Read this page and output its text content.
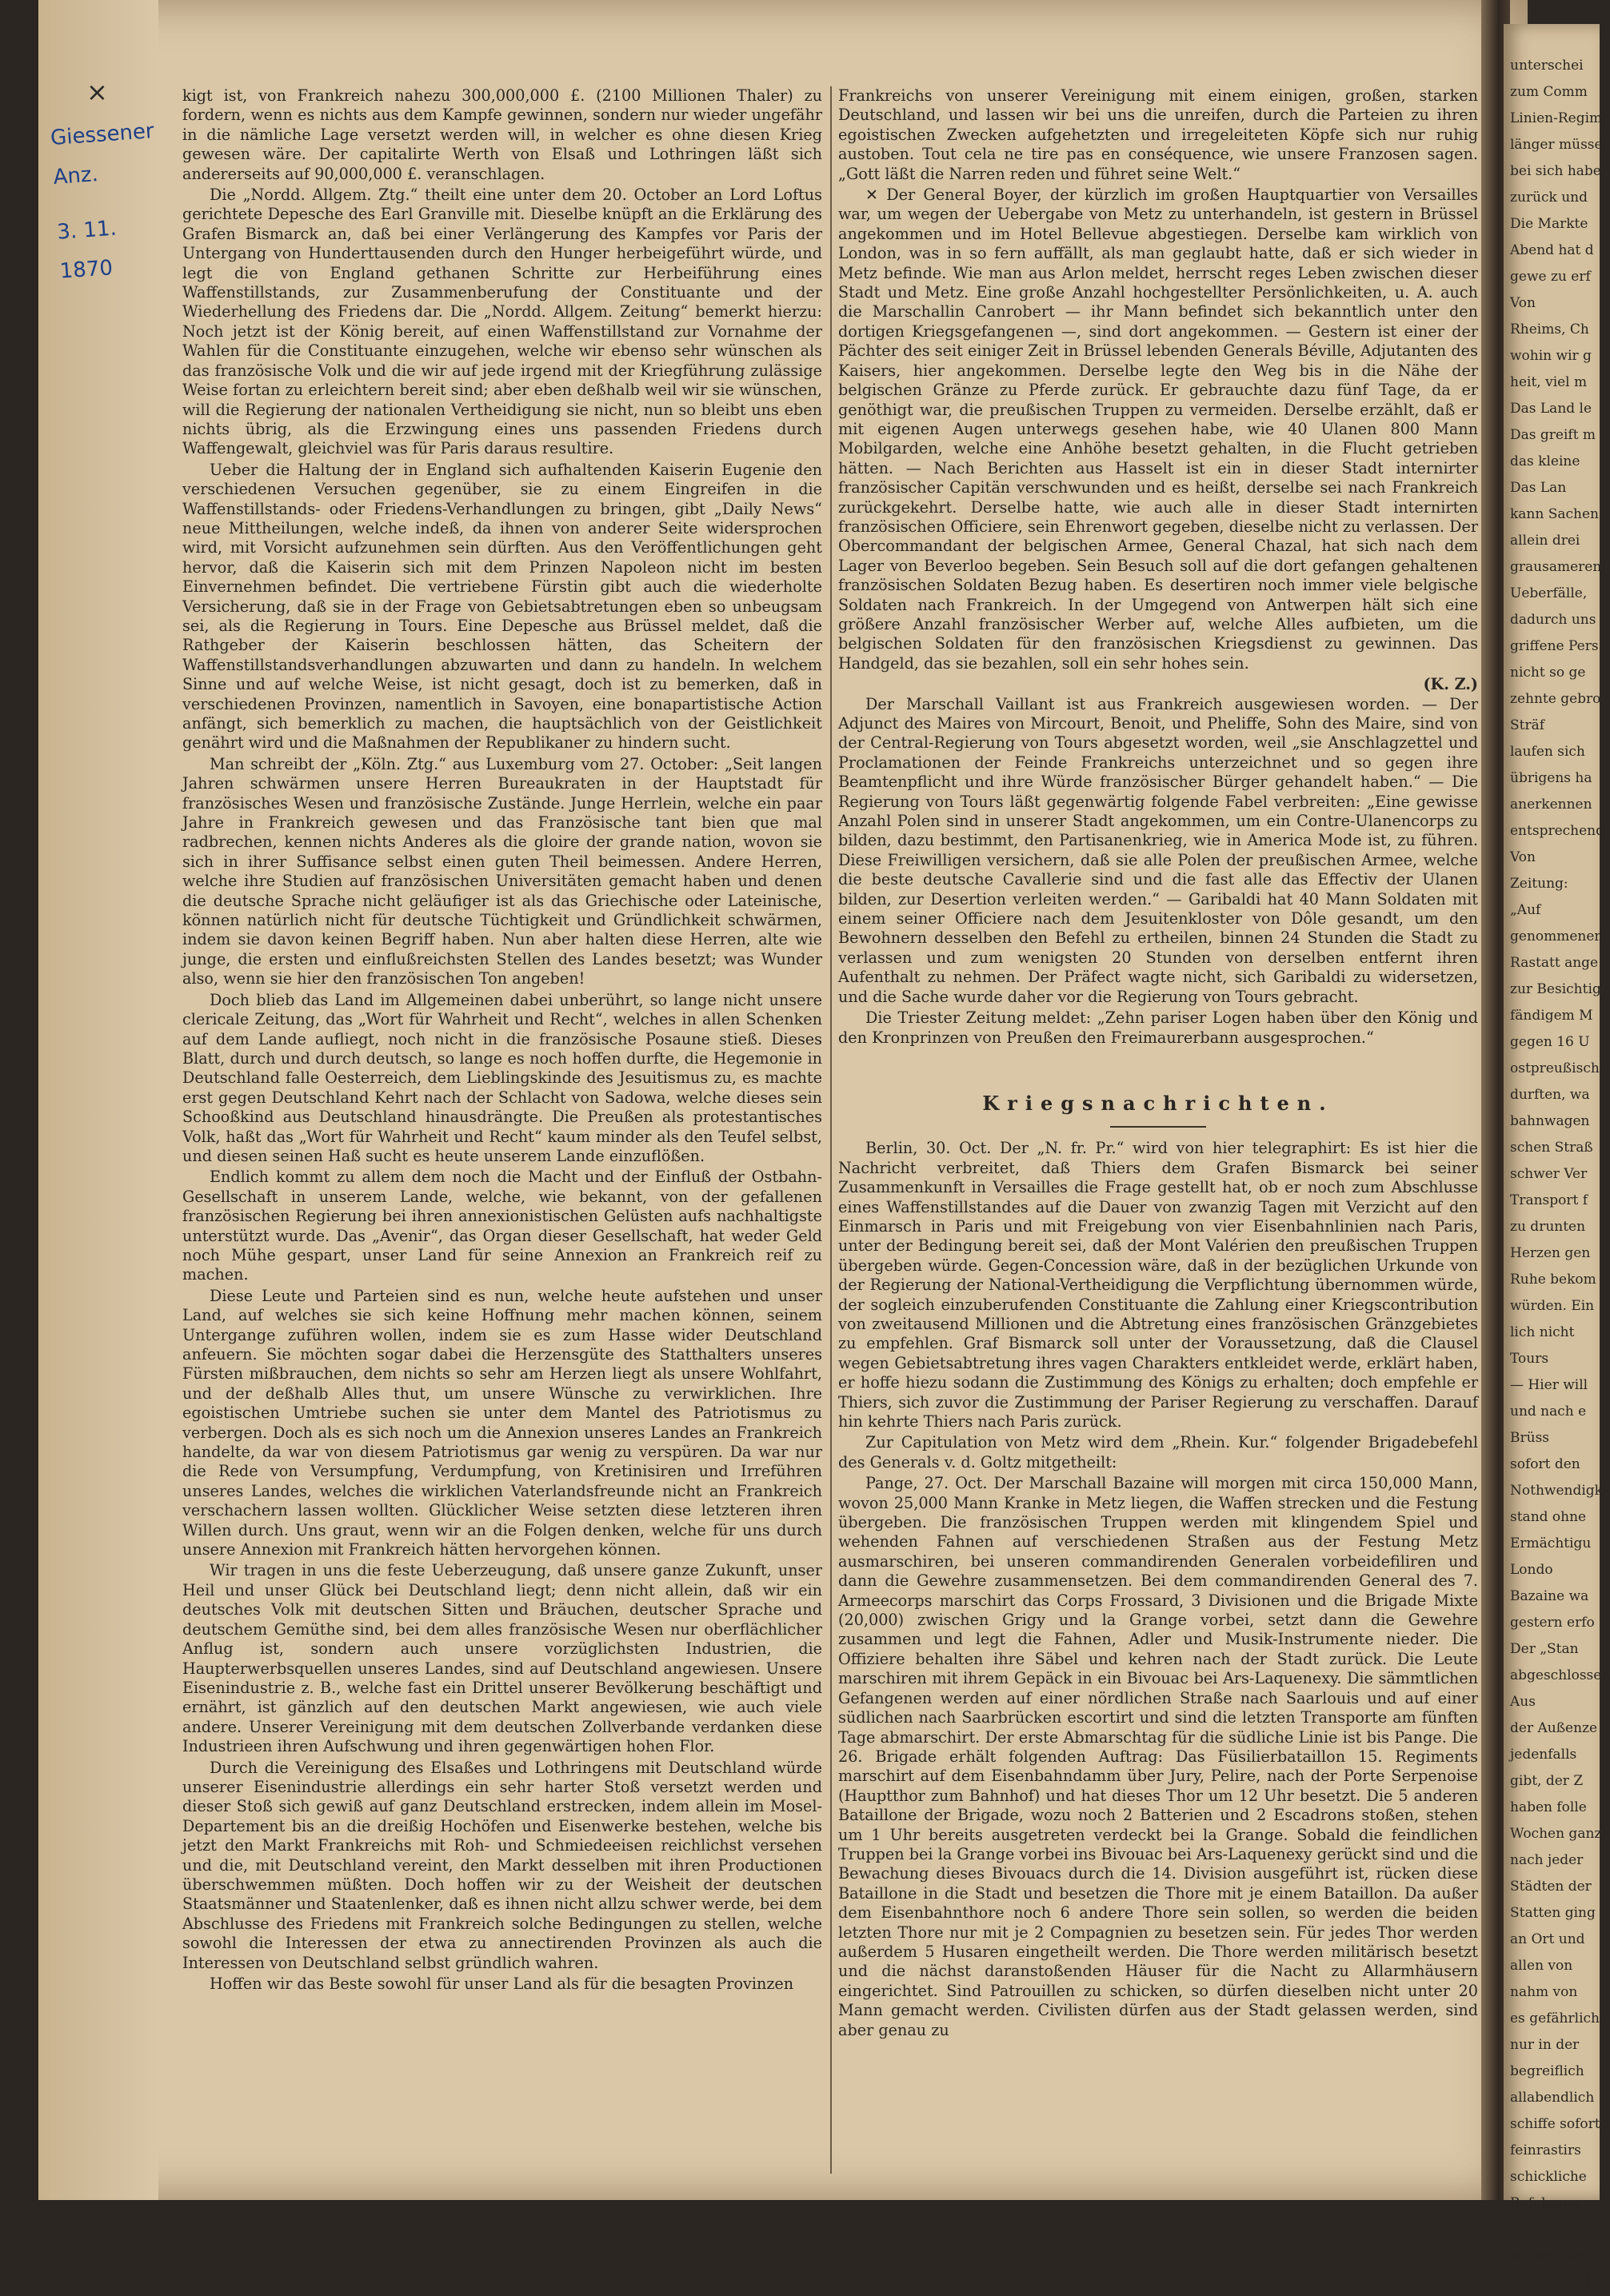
×
Giessener
Anz.
3. 11.
1870

kigt ist, von Frankreich nahezu 300,000,000 £. (2100 Millionen Thaler) zu fordern, wenn es nichts aus dem Kampfe gewinnen, sondern nur wieder ungefähr in die nämliche Lage versetzt werden will, in welcher es ohne diesen Krieg gewesen wäre. Der capitalirte Werth von Elsaß und Lothringen läßt sich andererseits auf 90,000,000 £. veranschlagen.

Die „Nordd. Allgem. Ztg.“ theilt eine unter dem 20. October an Lord Loftus gerichtete Depesche des Earl Granville mit. Dieselbe knüpft an die Erklärung des Grafen Bismarck an, daß bei einer Verlängerung des Kampfes vor Paris der Untergang von Hunderttausenden durch den Hunger herbeigeführt würde, und legt die von England gethanen Schritte zur Herbeiführung eines Waffenstillstands, zur Zusammenberufung der Constituante und der Wiederhellung des Friedens dar. Die „Nordd. Allgem. Zeitung“ bemerkt hierzu: Noch jetzt ist der König bereit, auf einen Waffenstillstand zur Vornahme der Wahlen für die Constituante einzugehen, welche wir ebenso sehr wünschen als das französische Volk und die wir auf jede irgend mit der Kriegführung zulässige Weise fortan zu erleichtern bereit sind; aber eben deßhalb weil wir sie wünschen, will die Regierung der nationalen Vertheidigung sie nicht, nun so bleibt uns eben nichts übrig, als die Erzwingung eines uns passenden Friedens durch Waffengewalt, gleichviel was für Paris daraus resultire.

Ueber die Haltung der in England sich aufhaltenden Kaiserin Eugenie den verschiedenen Versuchen gegenüber, sie zu einem Eingreifen in die Waffenstillstands- oder Friedens-Verhandlungen zu bringen, gibt „Daily News“ neue Mittheilungen, welche indeß, da ihnen von anderer Seite widersprochen wird, mit Vorsicht aufzunehmen sein dürften. Aus den Veröffentlichungen geht hervor, daß die Kaiserin sich mit dem Prinzen Napoleon nicht im besten Einvernehmen befindet. Die vertriebene Fürstin gibt auch die wiederholte Versicherung, daß sie in der Frage von Gebietsabtretungen eben so unbeugsam sei, als die Regierung in Tours. Eine Depesche aus Brüssel meldet, daß die Rathgeber der Kaiserin beschlossen hätten, das Scheitern der Waffenstillstandsverhandlungen abzuwarten und dann zu handeln. In welchem Sinne und auf welche Weise, ist nicht gesagt, doch ist zu bemerken, daß in verschiedenen Provinzen, namentlich in Savoyen, eine bonapartistische Action anfängt, sich bemerklich zu machen, die hauptsächlich von der Geistlichkeit genährt wird und die Maßnahmen der Republikaner zu hindern sucht.

Man schreibt der „Köln. Ztg.“ aus Luxemburg vom 27. October: „Seit langen Jahren schwärmen unsere Herren Bureaukraten in der Hauptstadt für französisches Wesen und französische Zustände. Junge Herrlein, welche ein paar Jahre in Frankreich gewesen und das Französische tant bien que mal radbrechen, kennen nichts Anderes als die gloire der grande nation, wovon sie sich in ihrer Suffisance selbst einen guten Theil beimessen. Andere Herren, welche ihre Studien auf französischen Universitäten gemacht haben und denen die deutsche Sprache nicht geläufiger ist als das Griechische oder Lateinische, können natürlich nicht für deutsche Tüchtigkeit und Gründlichkeit schwärmen, indem sie davon keinen Begriff haben. Nun aber halten diese Herren, alte wie junge, die ersten und einflußreichsten Stellen des Landes besetzt; was Wunder also, wenn sie hier den französischen Ton angeben!

Doch blieb das Land im Allgemeinen dabei unberührt, so lange nicht unsere clericale Zeitung, das „Wort für Wahrheit und Recht“, welches in allen Schenken auf dem Lande aufliegt, noch nicht in die französische Posaune stieß. Dieses Blatt, durch und durch deutsch, so lange es noch hoffen durfte, die Hegemonie in Deutschland falle Oesterreich, dem Lieblingskinde des Jesuitismus zu, es machte erst gegen Deutschland Kehrt nach der Schlacht von Sadowa, welche dieses sein Schooßkind aus Deutschland hinausdrängte. Die Preußen als protestantisches Volk, haßt das „Wort für Wahrheit und Recht“ kaum minder als den Teufel selbst, und diesen seinen Haß sucht es heute unserem Lande einzuflößen.

Endlich kommt zu allem dem noch die Macht und der Einfluß der Ostbahn-Gesellschaft in unserem Lande, welche, wie bekannt, von der gefallenen französischen Regierung bei ihren annexionistischen Gelüsten aufs nachhaltigste unterstützt wurde. Das „Avenir“, das Organ dieser Gesellschaft, hat weder Geld noch Mühe gespart, unser Land für seine Annexion an Frankreich reif zu machen.

Diese Leute und Parteien sind es nun, welche heute aufstehen und unser Land, auf welches sie sich keine Hoffnung mehr machen können, seinem Untergange zuführen wollen, indem sie es zum Hasse wider Deutschland anfeuern. Sie möchten sogar dabei die Herzensgüte des Statthalters unseres Fürsten mißbrauchen, dem nichts so sehr am Herzen liegt als unsere Wohlfahrt, und der deßhalb Alles thut, um unsere Wünsche zu verwirklichen. Ihre egoistischen Umtriebe suchen sie unter dem Mantel des Patriotismus zu verbergen. Doch als es sich noch um die Annexion unseres Landes an Frankreich handelte, da war von diesem Patriotismus gar wenig zu verspüren. Da war nur die Rede von Versumpfung, Verdumpfung, von Kretinisiren und Irreführen unseres Landes, welches die wirklichen Vaterlandsfreunde nicht an Frankreich verschachern lassen wollten. Glücklicher Weise setzten diese letzteren ihren Willen durch. Uns graut, wenn wir an die Folgen denken, welche für uns durch unsere Annexion mit Frankreich hätten hervorgehen können.

Wir tragen in uns die feste Ueberzeugung, daß unsere ganze Zukunft, unser Heil und unser Glück bei Deutschland liegt; denn nicht allein, daß wir ein deutsches Volk mit deutschen Sitten und Bräuchen, deutscher Sprache und deutschem Gemüthe sind, bei dem alles französische Wesen nur oberflächlicher Anflug ist, sondern auch unsere vorzüglichsten Industrien, die Haupterwerbsquellen unseres Landes, sind auf Deutschland angewiesen. Unsere Eisenindustrie z. B., welche fast ein Drittel unserer Bevölkerung beschäftigt und ernährt, ist gänzlich auf den deutschen Markt angewiesen, wie auch viele andere. Unserer Vereinigung mit dem deutschen Zollverbande verdanken diese Industrieen ihren Aufschwung und ihren gegenwärtigen hohen Flor.

Durch die Vereinigung des Elsaßes und Lothringens mit Deutschland würde unserer Eisenindustrie allerdings ein sehr harter Stoß versetzt werden und dieser Stoß sich gewiß auf ganz Deutschland erstrecken, indem allein im Mosel-Departement bis an die dreißig Hochöfen und Eisenwerke bestehen, welche bis jetzt den Markt Frankreichs mit Roh- und Schmiedeeisen reichlichst versehen und die, mit Deutschland vereint, den Markt desselben mit ihren Productionen überschwemmen müßten. Doch hoffen wir zu der Weisheit der deutschen Staatsmänner und Staatenlenker, daß es ihnen nicht allzu schwer werde, bei dem Abschlusse des Friedens mit Frankreich solche Bedingungen zu stellen, welche sowohl die Interessen der etwa zu annectirenden Provinzen als auch die Interessen von Deutschland selbst gründlich wahren.

Hoffen wir das Beste sowohl für unser Land als für die besagten Provinzen

Frankreichs von unserer Vereinigung mit einem einigen, großen, starken Deutschland, und lassen wir bei uns die unreifen, durch die Parteien zu ihren egoistischen Zwecken aufgehetzten und irregeleiteten Köpfe sich nur ruhig austoben. Tout cela ne tire pas en conséquence, wie unsere Franzosen sagen. „Gott läßt die Narren reden und führet seine Welt.“

✕ Der General Boyer, der kürzlich im großen Hauptquartier von Versailles war, um wegen der Uebergabe von Metz zu unterhandeln, ist gestern in Brüssel angekommen und im Hotel Bellevue abgestiegen. Derselbe kam wirklich von London, was in so fern auffällt, als man geglaubt hatte, daß er sich wieder in Metz befinde. Wie man aus Arlon meldet, herrscht reges Leben zwischen dieser Stadt und Metz. Eine große Anzahl hochgestellter Persönlichkeiten, u. A. auch die Marschallin Canrobert — ihr Mann befindet sich bekanntlich unter den dortigen Kriegsgefangenen —, sind dort angekommen. — Gestern ist einer der Pächter des seit einiger Zeit in Brüssel lebenden Generals Béville, Adjutanten des Kaisers, hier angekommen. Derselbe legte den Weg bis in die Nähe der belgischen Gränze zu Pferde zurück. Er gebrauchte dazu fünf Tage, da er genöthigt war, die preußischen Truppen zu vermeiden. Derselbe erzählt, daß er mit eigenen Augen unterwegs gesehen habe, wie 40 Ulanen 800 Mann Mobilgarden, welche eine Anhöhe besetzt gehalten, in die Flucht getrieben hätten. — Nach Berichten aus Hasselt ist ein in dieser Stadt internirter französischer Capitän verschwunden und es heißt, derselbe sei nach Frankreich zurückgekehrt. Derselbe hatte, wie auch alle in dieser Stadt internirten französischen Officiere, sein Ehrenwort gegeben, dieselbe nicht zu verlassen. Der Obercommandant der belgischen Armee, General Chazal, hat sich nach dem Lager von Beverloo begeben. Sein Besuch soll auf die dort gefangen gehaltenen französischen Soldaten Bezug haben. Es desertiren noch immer viele belgische Soldaten nach Frankreich. In der Umgegend von Antwerpen hält sich eine größere Anzahl französischer Werber auf, welche Alles aufbieten, um die belgischen Soldaten für den französischen Kriegsdienst zu gewinnen. Das Handgeld, das sie bezahlen, soll ein sehr hohes sein.

(K. Z.)

Der Marschall Vaillant ist aus Frankreich ausgewiesen worden. — Der Adjunct des Maires von Mircourt, Benoit, und Pheliffe, Sohn des Maire, sind von der Central-Regierung von Tours abgesetzt worden, weil „sie Anschlagzettel und Proclamationen der Feinde Frankreichs unterzeichnet und so gegen ihre Beamtenpflicht und ihre Würde französischer Bürger gehandelt haben.“ — Die Regierung von Tours läßt gegenwärtig folgende Fabel verbreiten: „Eine gewisse Anzahl Polen sind in unserer Stadt angekommen, um ein Contre-Ulanencorps zu bilden, dazu bestimmt, den Partisanenkrieg, wie in America Mode ist, zu führen. Diese Freiwilligen versichern, daß sie alle Polen der preußischen Armee, welche die beste deutsche Cavallerie sind und die fast alle das Effectiv der Ulanen bilden, zur Desertion verleiten werden.“ — Garibaldi hat 40 Mann Soldaten mit einem seiner Officiere nach dem Jesuitenkloster von Dôle gesandt, um den Bewohnern desselben den Befehl zu ertheilen, binnen 24 Stunden die Stadt zu verlassen und zum wenigsten 20 Stunden von derselben entfernt ihren Aufenthalt zu nehmen. Der Präfect wagte nicht, sich Garibaldi zu widersetzen, und die Sache wurde daher vor die Regierung von Tours gebracht.

Die Triester Zeitung meldet: „Zehn pariser Logen haben über den König und den Kronprinzen von Preußen den Freimaurerbann ausgesprochen.“

Kriegsnachrichten.

Berlin, 30. Oct. Der „N. fr. Pr.“ wird von hier telegraphirt: Es ist hier die Nachricht verbreitet, daß Thiers dem Grafen Bismarck bei seiner Zusammenkunft in Versailles die Frage gestellt hat, ob er noch zum Abschlusse eines Waffenstillstandes auf die Dauer von zwanzig Tagen mit Verzicht auf den Einmarsch in Paris und mit Freigebung von vier Eisenbahnlinien nach Paris, unter der Bedingung bereit sei, daß der Mont Valérien den preußischen Truppen übergeben würde. Gegen-Concession wäre, daß in der bezüglichen Urkunde von der Regierung der National-Vertheidigung die Verpflichtung übernommen würde, der sogleich einzuberufenden Constituante die Zahlung einer Kriegscontribution von zweitausend Millionen und die Abtretung eines französischen Gränzgebietes zu empfehlen. Graf Bismarck soll unter der Voraussetzung, daß die Clausel wegen Gebietsabtretung ihres vagen Charakters entkleidet werde, erklärt haben, er hoffe hiezu sodann die Zustimmung des Königs zu erhalten; doch empfehle er Thiers, sich zuvor die Zustimmung der Pariser Regierung zu verschaffen. Darauf hin kehrte Thiers nach Paris zurück.

Zur Capitulation von Metz wird dem „Rhein. Kur.“ folgender Brigadebefehl des Generals v. d. Goltz mitgetheilt:

Pange, 27. Oct. Der Marschall Bazaine will morgen mit circa 150,000 Mann, wovon 25,000 Mann Kranke in Metz liegen, die Waffen strecken und die Festung übergeben. Die französischen Truppen werden mit klingendem Spiel und wehenden Fahnen auf verschiedenen Straßen aus der Festung Metz ausmarschiren, bei unseren commandirenden Generalen vorbeidefiliren und dann die Gewehre zusammensetzen. Bei dem commandirenden General des 7. Armeecorps marschirt das Corps Frossard, 3 Divisionen und die Brigade Mixte (20,000) zwischen Grigy und la Grange vorbei, setzt dann die Gewehre zusammen und legt die Fahnen, Adler und Musik-Instrumente nieder. Die Offiziere behalten ihre Säbel und kehren nach der Stadt zurück. Die Leute marschiren mit ihrem Gepäck in ein Bivouac bei Ars-Laquenexy. Die sämmtlichen Gefangenen werden auf einer nördlichen Straße nach Saarlouis und auf einer südlichen nach Saarbrücken escortirt und sind die letzten Transporte am fünften Tage abmarschirt. Der erste Abmarschtag für die südliche Linie ist bis Pange. Die 26. Brigade erhält folgenden Auftrag: Das Füsilierbataillon 15. Regiments marschirt auf dem Eisenbahndamm über Jury, Pelire, nach der Porte Serpenoise (Hauptthor zum Bahnhof) und hat dieses Thor um 12 Uhr besetzt. Die 5 anderen Bataillone der Brigade, wozu noch 2 Batterien und 2 Escadrons stoßen, stehen um 1 Uhr bereits ausgetreten verdeckt bei la Grange. Sobald die feindlichen Truppen bei la Grange vorbei ins Bivouac bei Ars-Laquenexy gerückt sind und die Bewachung dieses Bivouacs durch die 14. Division ausgeführt ist, rücken diese Bataillone in die Stadt und besetzen die Thore mit je einem Bataillon. Da außer dem Eisenbahnthore noch 6 andere Thore sein sollen, so werden die beiden letzten Thore nur mit je 2 Compagnien zu besetzen sein. Für jedes Thor werden außerdem 5 Husaren eingetheilt werden. Die Thore werden militärisch besetzt und die nächst daranstoßenden Häuser für die Nacht zu Allarmhäusern eingerichtet. Sind Patrouillen zu schicken, so dürfen dieselben nicht unter 20 Mann gemacht werden. Civilisten dürfen aus der Stadt gelassen werden, sind aber genau zu

unterschei
zum Comm
Linien-Regim
länger müsse
bei sich habe
zurück und
Die Markte
Abend hat d
gewe zu erf
Von
Rheims, Ch
wohin wir g
heit, viel m
Das Land le
Das greift m
das kleine
Das Lan
kann Sachen
allein drei
grausameren
Ueberfälle,
dadurch uns
griffene Pers
nicht so ge
zehnte gebro
Sträf
laufen sich
übrigens ha
anerkennen
entsprechend
Von
Zeitung:
„Auf
genommenen
Rastatt ange
zur Besichtig
fändigem M
gegen 16 U
ostpreußische
durften, wa
bahnwagen
schen Straß
schwer Ver
Transport f
zu drunten
Herzen gen
Ruhe bekom
würden. Ein
lich nicht
Tours
— Hier will
und nach e
Brüss
sofort den
Nothwendigk
stand ohne
Ermächtigu
Londo
Bazaine wa
gestern erfo
Der „Stan
abgeschlossen
Aus
der Außenze
jedenfalls
gibt, der Z
haben folle
Wochen ganz
nach jeder
Städten der
Statten ging
an Ort und
allen von
nahm von
es gefährlich
nur in der
begreiflich
allabendlich
schiffe sofort
feinrastirs
schickliche
Befolgung
Loossen al
worden wa
werden soll
